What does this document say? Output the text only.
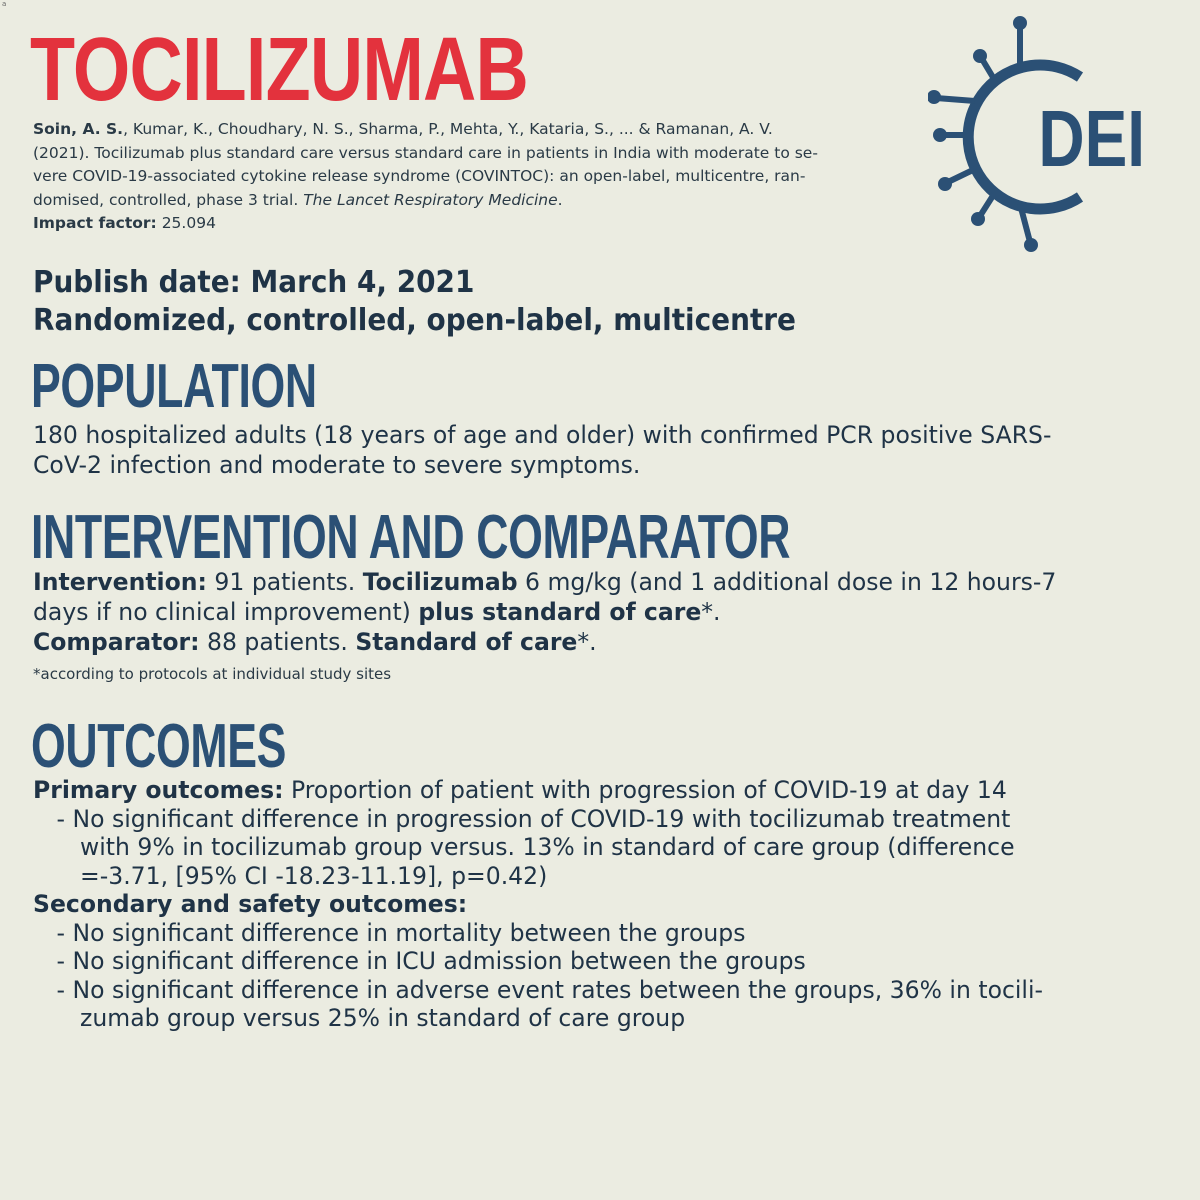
a
TOCILIZUMAB
Soin, A. S., Kumar, K., Choudhary, N. S., Sharma, P., Mehta, Y., Kataria, S., ... & Ramanan, A. V.
(2021). Tocilizumab plus standard care versus standard care in patients in India with moderate to se-
vere COVID-19-associated cytokine release syndrome (COVINTOC): an open-label, multicentre, ran-
domised, controlled, phase 3 trial. The Lancet Respiratory Medicine.
Impact factor: 25.094
DEI
Publish date: March 4, 2021
Randomized, controlled, open-label, multicentre
POPULATION
180 hospitalized adults (18 years of age and older) with confirmed PCR positive SARS-
CoV-2 infection and moderate to severe symptoms.
INTERVENTION AND COMPARATOR
Intervention: 91 patients. Tocilizumab 6 mg/kg (and 1 additional dose in 12 hours-7
days if no clinical improvement) plus standard of care*.
Comparator: 88 patients. Standard of care*.
*according to protocols at individual study sites
OUTCOMES
Primary outcomes: Proportion of patient with progression of COVID-19 at day 14
- No significant difference in progression of COVID-19 with tocilizumab treatment
with 9% in tocilizumab group versus. 13% in standard of care group (difference
=-3.71, [95% CI -18.23-11.19], p=0.42)
Secondary and safety outcomes:
- No significant difference in mortality between the groups
- No significant difference in ICU admission between the groups
- No significant difference in adverse event rates between the groups, 36% in tocili-
zumab group versus 25% in standard of care group
